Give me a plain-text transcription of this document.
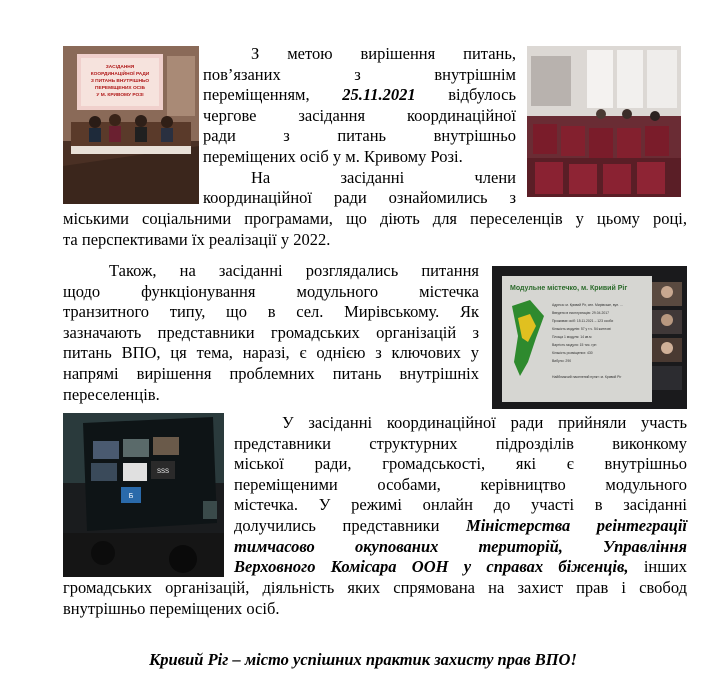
ЗАСІДАННЯ
КООРДИНАЦІЙНОЇ РАДИ
З ПИТАНЬ ВНУТРІШНЬО
ПЕРЕМІЩЕНИХ ОСІБ
У М. КРИВОМУ РОЗІ
Модульне містечко, м. Кривий Ріг
Адреса: м. Кривий Ріг, сел. Мирівське, вул. ...
Введено в експлуатацію: 29.04.2017
Проживає осіб: 15.11.2021 – 123 особи
Кількість модулів: 57 у т.ч. 54 житлові
Площа 1 модуля: 14 кв.м
Вартість модуля: 15 тис. грн
Кількість розміщених: 430
Вибуло: 290
Найближчий населений пункт: м. Кривий Ріг
SSS
Б
З метою вирішення питань,
пов’язаних з внутрішнім
переміщенням, 25.11.2021 відбулось
чергове засідання координаційної
ради з питань внутрішньо
переміщених осіб у м. Кривому Розі.
На засіданні члени
координаційної ради ознайомились з
міськими соціальними програмами, що діють для переселенців у цьому році,
та перспективами їх реалізації у 2022.
Також, на засіданні розглядались питання
щодо функціонування модульного містечка
транзитного типу, що в сел. Мирівському. Як
зазначають представники громадських організацій з
питань ВПО, ця тема, наразі, є однією з ключових у
напрямі вирішення проблемних питань внутрішніх
переселенців.
У засіданні координаційної ради прийняли участь
представники структурних підрозділів виконкому
міської ради, громадськості, які є внутрішньо
переміщеними особами, керівництво модульного
містечка. У режимі онлайн до участі в засіданні
долучились представники Міністерства реінтеграції
тимчасово окупованих територій, Управління
Верховного Комісара ООН у справах біженців, інших
громадських організацій, діяльність яких спрямована на захист прав і свобод
внутрішньо переміщених осіб.
Кривий Ріг – місто успішних практик захисту прав ВПО!
